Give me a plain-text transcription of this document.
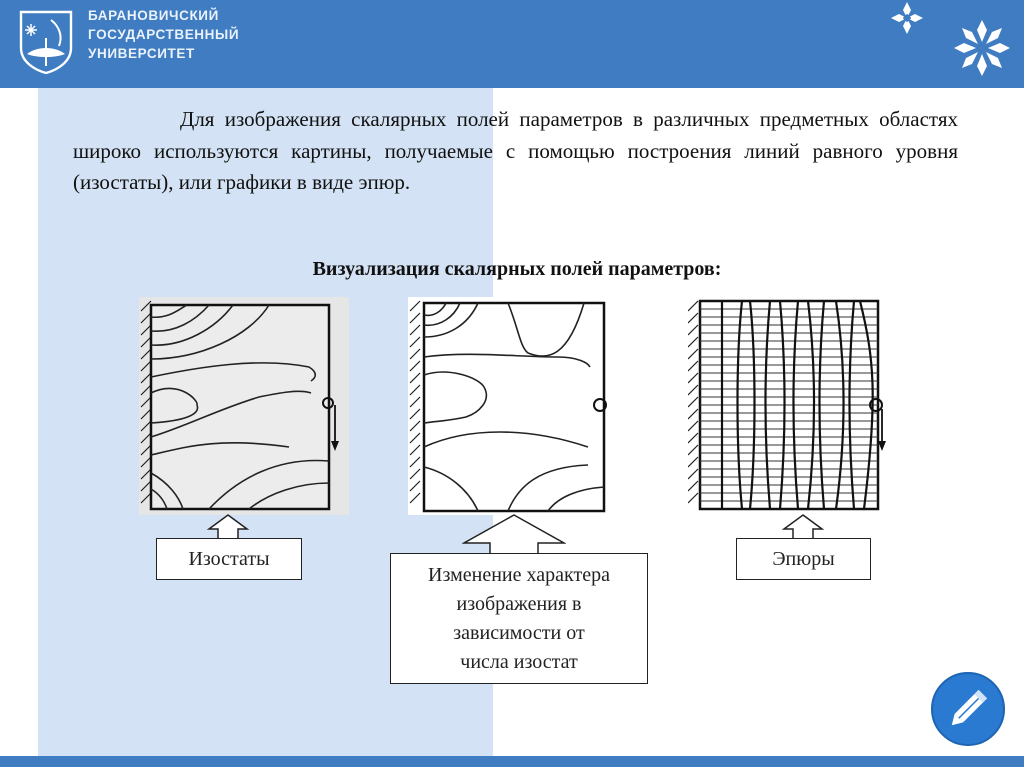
БАРАНОВИЧСКИЙ
ГОСУДАРСТВЕННЫЙ
УНИВЕРСИТЕТ
Для изображения скалярных полей параметров в различных предметных областях широко используются картины, получаемые с помощью построения линий равного уровня (изостаты), или графики в виде эпюр.
Визуализация скалярных полей параметров:
Изостаты
Изменение характера
изображения в
зависимости от
числа изостат
Эпюры
